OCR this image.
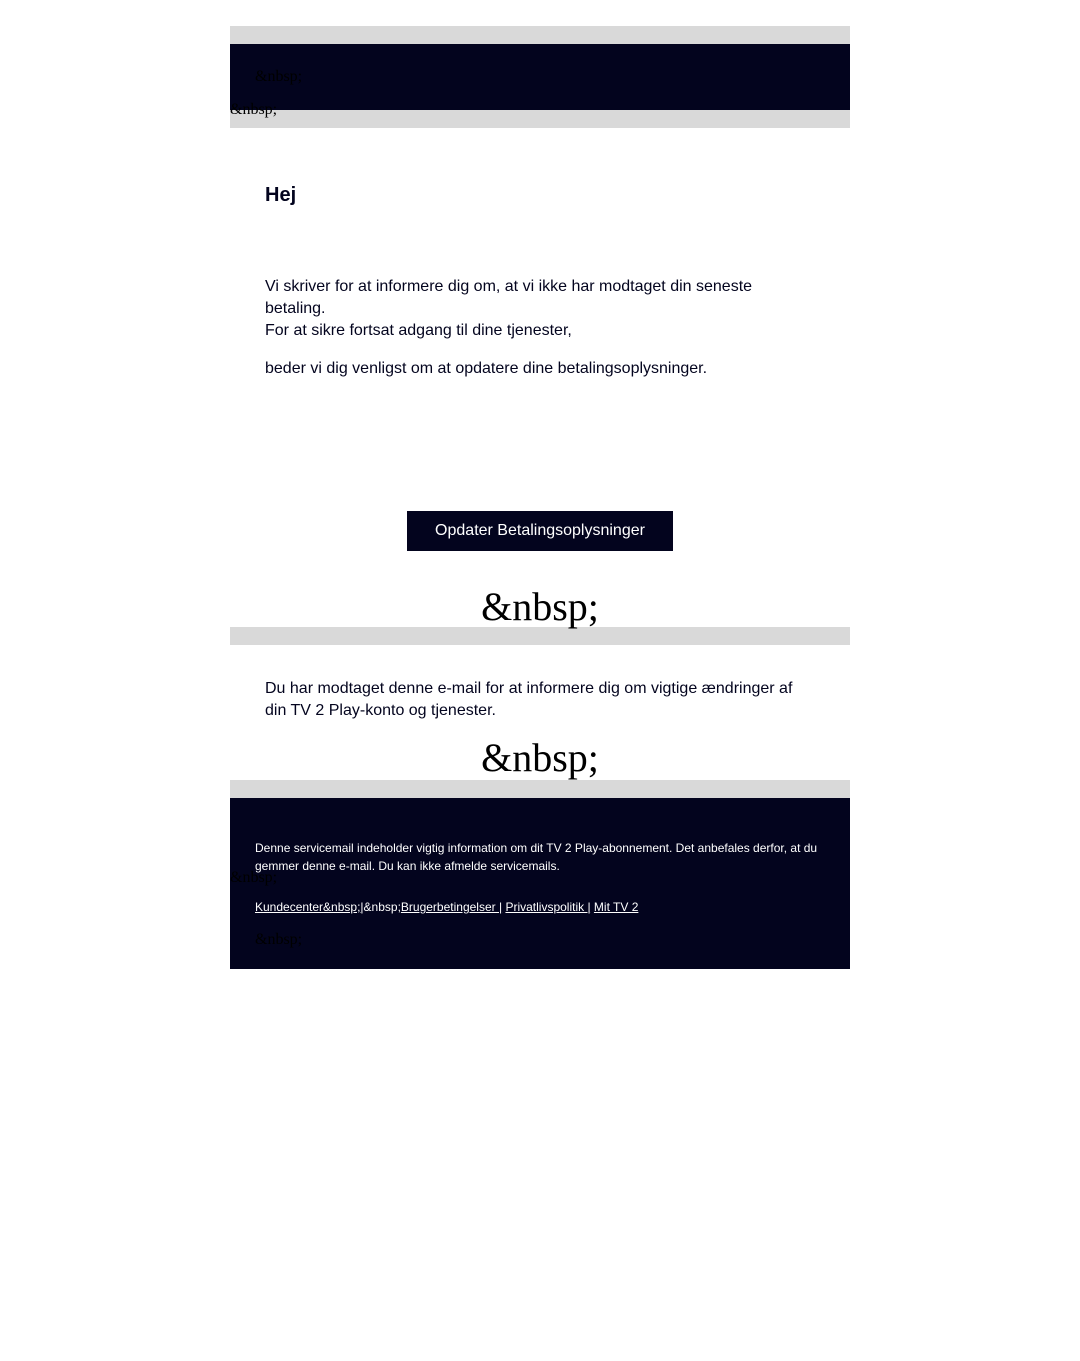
&nbsp;
&nbsp;
Hej
Vi skriver for at informere dig om, at vi ikke har modtaget din seneste betaling.
For at sikre fortsat adgang til dine tjenester,
beder vi dig venligst om at opdatere dine betalingsoplysninger.
Opdater Betalingsoplysninger
&nbsp;
Du har modtaget denne e-mail for at informere dig om vigtige ændringer af din TV 2 Play-konto og tjenester.
&nbsp;
Denne servicemail indeholder vigtig information om dit TV 2 Play-abonnement. Det anbefales derfor, at du gemmer denne e-mail. Du kan ikke afmelde servicemails.
&nbsp;
Kundecenter&nbsp;|&nbsp;Brugerbetingelser | Privatlivspolitik | Mit TV 2
&nbsp;
